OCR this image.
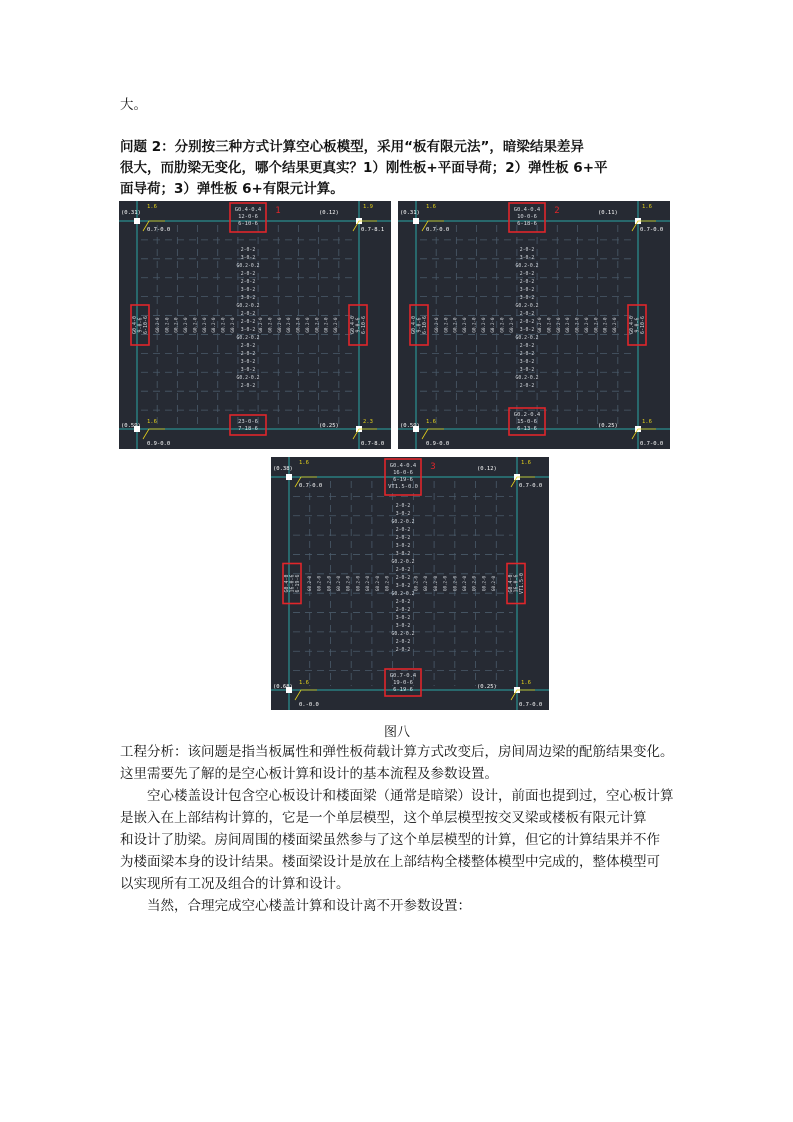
大。
问题 2：分别按三种方式计算空心板模型，采用“板有限元法”，暗梁结果差异
很大，而肋梁无变化，哪个结果更真实？1）刚性板+平面导荷；2）弹性板 6+平
面导荷；3）弹性板 6+有限元计算。
2-0-2
3-0-2
G0.2-0.2
2-0-2
2-0-2
3-0-2
3-0-2
G0.2-0.2
2-0-2
2-0-2
3-0-2
G0.2-0.2
2-0-2
2-0-2
3-0-2
3-0-2
G0.2-0.2
2-0-2
G0.2-0 G0.2-0 G0.2-0 G0.2-0 G0.2-0 G0.2-0 G0.2-0 G0.2-0 G0.2-0	G0.2-0 G0.2-0 G0.2-0 G0.2-0 G0.2-0 G0.2-0 G0.2-0 G0.2-0 G0.2-0
G0.4-0.4
12-0-6
6-10-6
23-0-6
7-18-6
G0.4-0 9-0-6 6-10-6	G0.4-0 9-0-6 6-10-6
1
(0.31)	(0.12)
(0.59)	(0.25)
1.6	1.9
1.6	2.3
0.7-0.0	0.7-8.1
0.9-0.0	0.7-8.0
2-0-2
3-0-2
G0.2-0.2
2-0-2
2-0-2
3-0-2
3-0-2
G0.2-0.2
2-0-2
2-0-2
3-0-2
G0.2-0.2
2-0-2
2-0-2
3-0-2
3-0-2
G0.2-0.2
2-0-2
G0.2-0 G0.2-0 G0.2-0 G0.2-0 G0.2-0 G0.2-0 G0.2-0 G0.2-0 G0.2-0	G0.2-0 G0.2-0 G0.2-0 G0.2-0 G0.2-0 G0.2-0 G0.2-0 G0.2-0 G0.2-0
G0.4-0.4
10-0-6
6-18-6
G0.2-0.4
15-0-6
6-13-6
G0.4-0 9-0-6 6-10-6	G0.4-0 9-0-6 6-10-6
2
(0.31)	(0.11)
(0.59)	(0.25)
1.6	1.6
1.6	1.6
0.7-0.0	0.7-0.0
0.9-0.0	0.7-0.0
2-0-2
3-0-2
G0.2-0.2
2-0-2
2-0-2
3-0-2
3-0-2
G0.2-0.2
2-0-2
2-0-2
3-0-2
G0.2-0.2
2-0-2
2-0-2
3-0-2
3-0-2
G0.2-0.2
2-0-2
2-0-2
G0.2-0 G0.2-0 G0.2-0 G0.2-0 G0.2-0 G0.2-0 G0.2-0 G0.2-0 G0.2-0	G0.2-0 G0.2-0 G0.2-0 G0.2-0 G0.2-0 G0.2-0 G0.2-0 G0.2-0 G0.2-0
G0.4-0.4
16-0-6
6-19-6
VT1.5-0.0
G0.7-0.4
19-0-6
6-19-6
G0.4-0 16-0-6 6-19-6	G0.4-0 16-0-6 VT1.5-0
3
(0.38)	(0.12)
(0.68)	(0.25)
1.6	1.6
1.6	1.6
0.7-0.0	0.7-0.0
0.-0.0	0.7-0.0
图八
工程分析：该问题是指当板属性和弹性板荷载计算方式改变后，房间周边梁的配筋结果变化。
这里需要先了解的是空心板计算和设计的基本流程及参数设置。
空心楼盖设计包含空心板设计和楼面梁（通常是暗梁）设计，前面也提到过，空心板计算
是嵌入在上部结构计算的，它是一个单层模型，这个单层模型按交叉梁或楼板有限元计算
和设计了肋梁。房间周围的楼面梁虽然参与了这个单层模型的计算，但它的计算结果并不作
为楼面梁本身的设计结果。楼面梁设计是放在上部结构全楼整体模型中完成的，整体模型可
以实现所有工况及组合的计算和设计。
当然，合理完成空心楼盖计算和设计离不开参数设置：
